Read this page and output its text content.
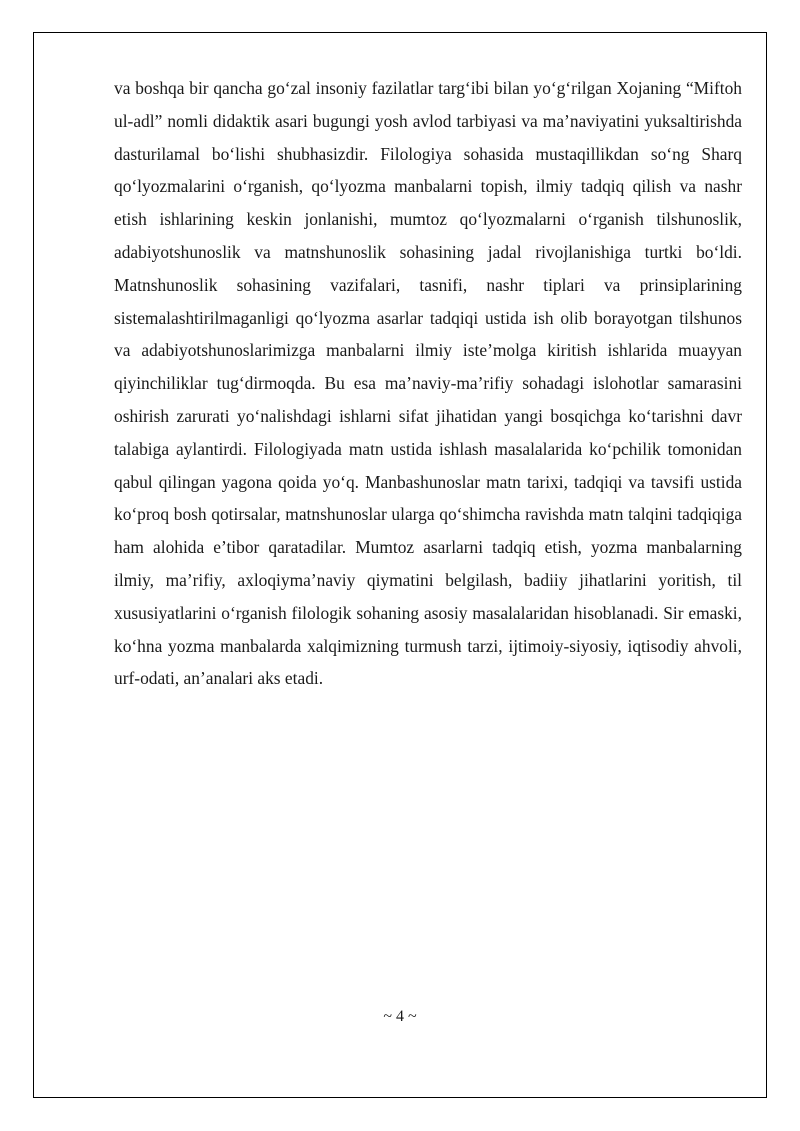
va boshqa bir qancha go‘zal insoniy fazilatlar targ‘ibi bilan yo‘g‘rilgan Xojaning “Miftoh ul-adl” nomli didaktik asari bugungi yosh avlod tarbiyasi va ma’naviyatini yuksaltirishda dasturilamal bo‘lishi shubhasizdir. Filologiya sohasida mustaqillikdan so‘ng Sharq qo‘lyozmalarini o‘rganish, qo‘lyozma manbalarni topish, ilmiy tadqiq qilish va nashr etish ishlarining keskin jonlanishi, mumtoz qo‘lyozmalarni o‘rganish tilshunoslik, adabiyotshunoslik va matnshunoslik sohasining jadal rivojlanishiga turtki bo‘ldi. Matnshunoslik sohasining vazifalari, tasnifi, nashr tiplari va prinsiplarining sistemalashtirilmaganligi qo‘lyozma asarlar tadqiqi ustida ish olib borayotgan tilshunos va adabiyotshunoslarimizga manbalarni ilmiy iste’molga kiritish ishlarida muayyan qiyinchiliklar tug‘dirmoqda. Bu esa ma’naviy-ma’rifiy sohadagi islohotlar samarasini oshirish zarurati yo‘nalishdagi ishlarni sifat jihatidan yangi bosqichga ko‘tarishni davr talabiga aylantirdi. Filologiyada matn ustida ishlash masalalarida ko‘pchilik tomonidan qabul qilingan yagona qoida yo‘q. Manbashunoslar matn tarixi, tadqiqi va tavsifi ustida ko‘proq bosh qotirsalar, matnshunoslar ularga qo‘shimcha ravishda matn talqini tadqiqiga ham alohida e’tibor qaratadilar. Mumtoz asarlarni tadqiq etish, yozma manbalarning ilmiy, ma’rifiy, axloqiyma’naviy qiymatini belgilash, badiiy jihatlarini yoritish, til xususiyatlarini o‘rganish filologik sohaning asosiy masalalaridan hisoblanadi. Sir emaski, ko‘hna yozma manbalarda xalqimizning turmush tarzi, ijtimoiy-siyosiy, iqtisodiy ahvoli, urf-odati, an’analari aks etadi.

~ 4 ~
